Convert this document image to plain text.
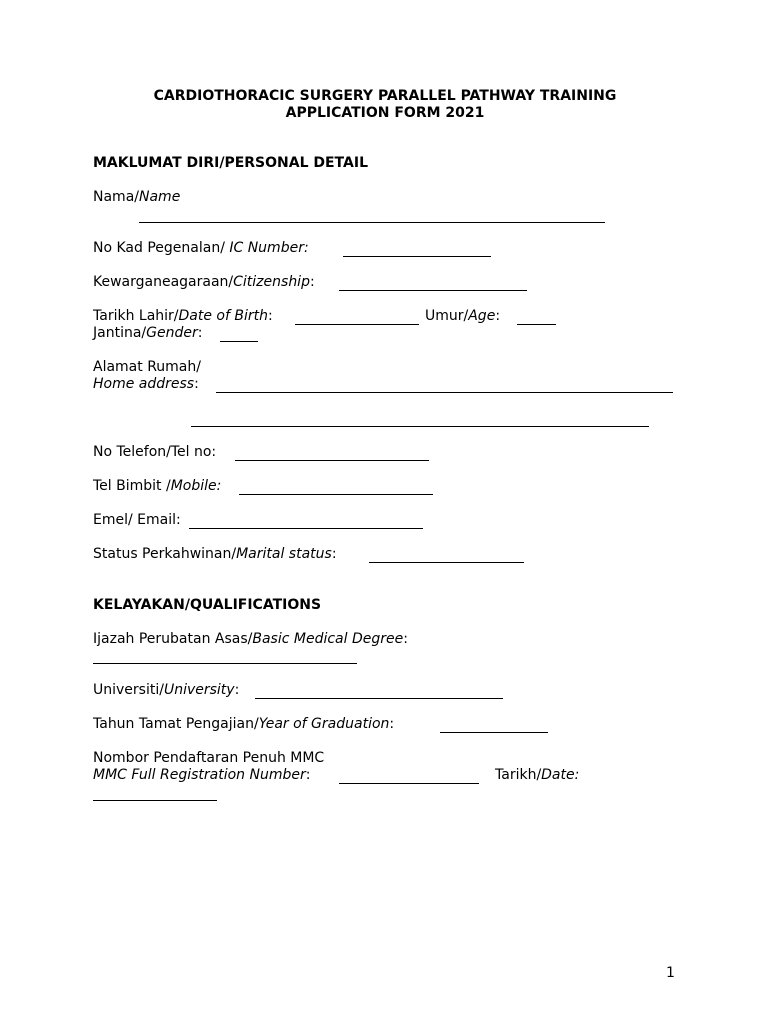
CARDIOTHORACIC SURGERY PARALLEL PATHWAY TRAINING
APPLICATION FORM 2021
MAKLUMAT DIRI/PERSONAL DETAIL
Nama/Name
No Kad Pegenalan/ IC Number:
Kewarganeagaraan/Citizenship:
Tarikh Lahir/Date of Birth:	Umur/Age:
Jantina/Gender:
Alamat Rumah/
Home address:
No Telefon/Tel no:
Tel Bimbit /Mobile:
Emel/ Email:
Status Perkahwinan/Marital status:
KELAYAKAN/QUALIFICATIONS
Ijazah Perubatan Asas/Basic Medical Degree:
Universiti/University:
Tahun Tamat Pengajian/Year of Graduation:
Nombor Pendaftaran Penuh MMC
MMC Full Registration Number:	Tarikh/Date:
1
